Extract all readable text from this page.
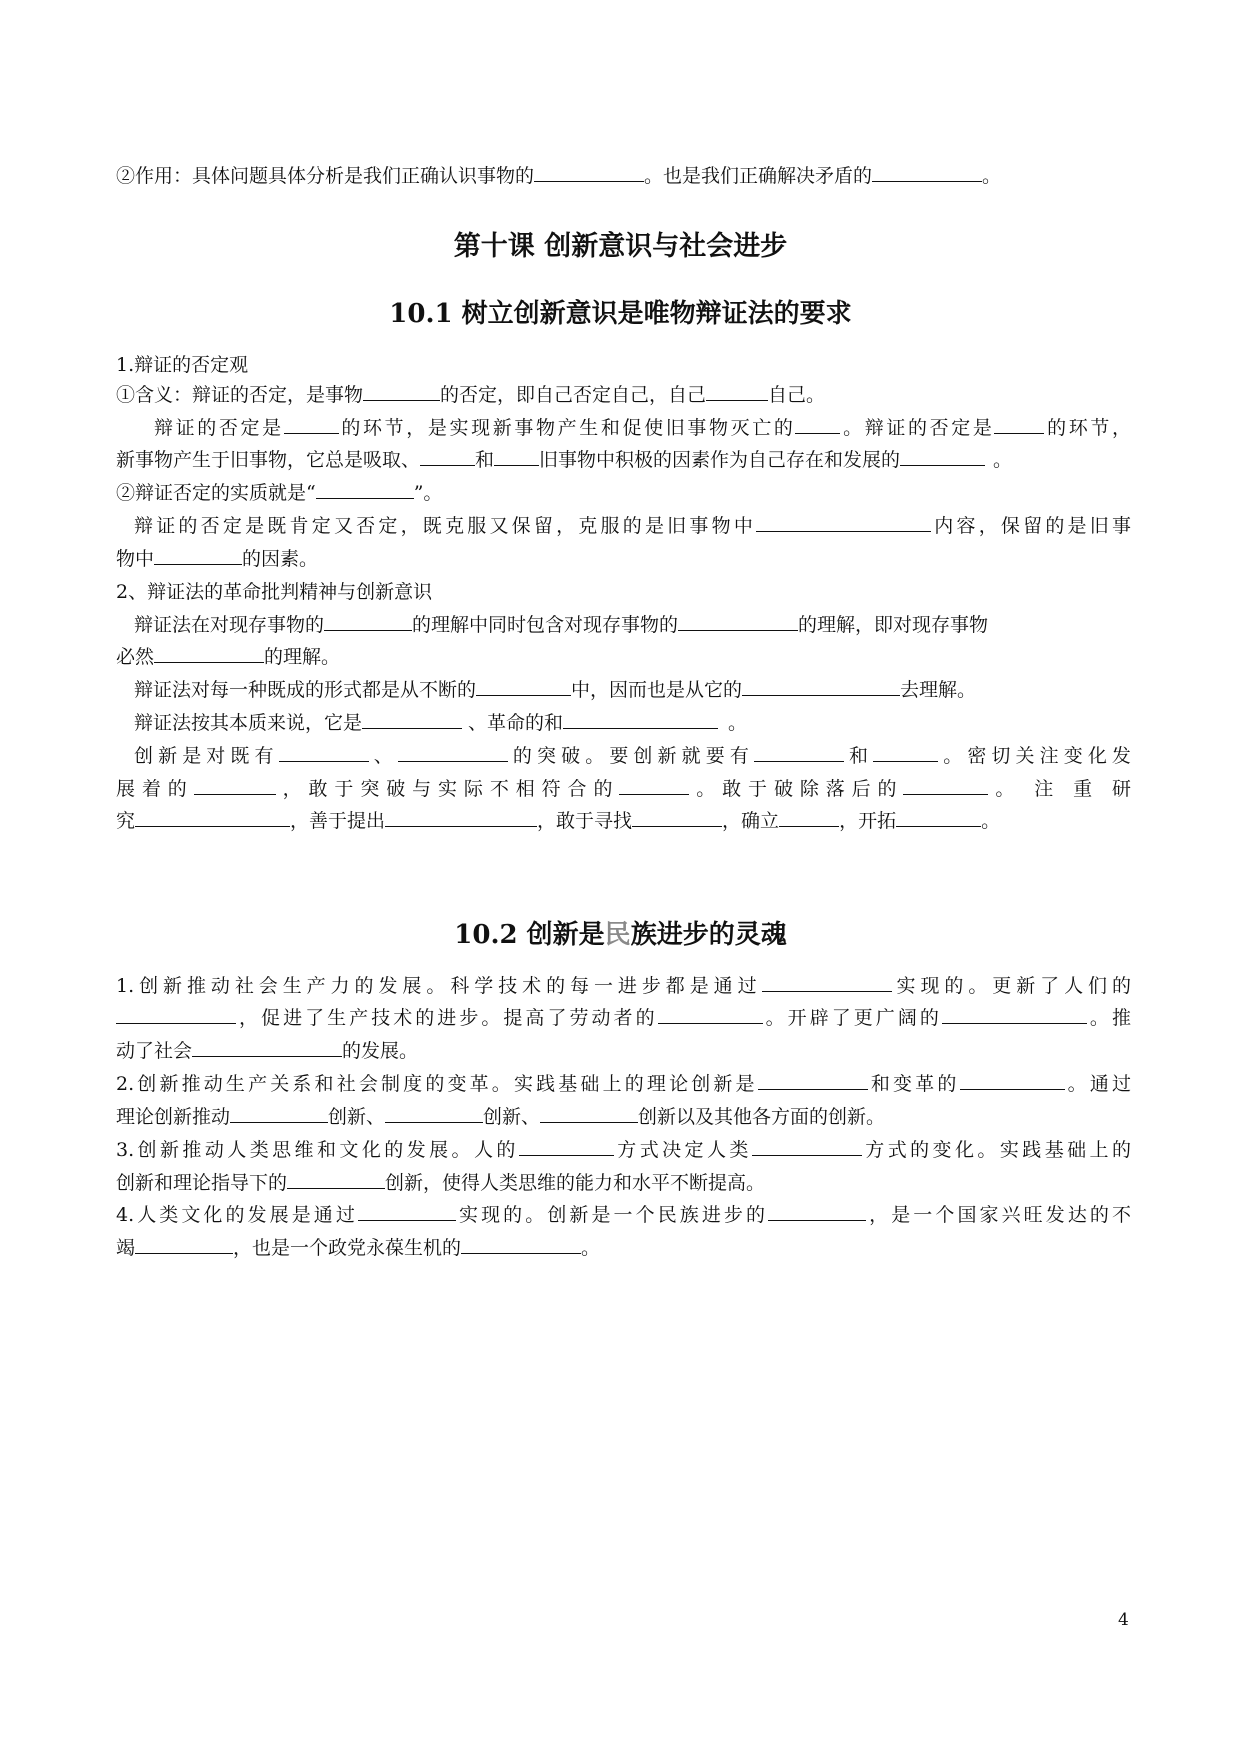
②作用：具体问题具体分析是我们正确认识事物的	。也是我们正确解决矛盾的	。
第十课 创新意识与社会进步
10.1 树立创新意识是唯物辩证法的要求
1.辩证的否定观
①含义：辩证的否定，是事物	的否定，即自己否定自己，自己	自己。
辩证的否定是	的环节，是实现新事物产生和促使旧事物灭亡的 。辩证的否定是	的环节，
新事物产生于旧事物，它总是吸取、	和 旧事物中积极的因素作为自己存在和发展的	。
②辩证否定的实质就是“	”。
辩证的否定是既肯定又否定，既克服又保留，克服的是旧事物中	内容，保留的是旧事
物中	的因素。
2、辩证法的革命批判精神与创新意识
辩证法在对现存事物的	的理解中同时包含对现存事物的	的理解，即对现存事物
必然	的理解。
辩证法对每一种既成的形式都是从不断的	中，因而也是从它的	去理解。
辩证法按其本质来说，它是	、革命的和	。
创新是对既有	、	的突破。要创新就要有	和	。密切关注变化发
展着的	，敢于突破与实际不相符合的	。敢于破除落后的	。 注 重 研
究	，善于提出	，敢于寻找	，确立	，开拓	。
10.2 创新是民族进步的灵魂
1.创新推动社会生产力的发展。科学技术的每一进步都是通过	实现的。更新了人们的
，促进了生产技术的进步。提高了劳动者的	。开辟了更广阔的	。推
动了社会	的发展。
2.创新推动生产关系和社会制度的变革。实践基础上的理论创新是	和变革的	。通过
理论创新推动	创新、	创新、	创新以及其他各方面的创新。
3.创新推动人类思维和文化的发展。人的	方式决定人类	方式的变化。实践基础上的
创新和理论指导下的	创新，使得人类思维的能力和水平不断提高。
4.人类文化的发展是通过	实现的。创新是一个民族进步的	，是一个国家兴旺发达的不
竭	，也是一个政党永葆生机的	。
4
